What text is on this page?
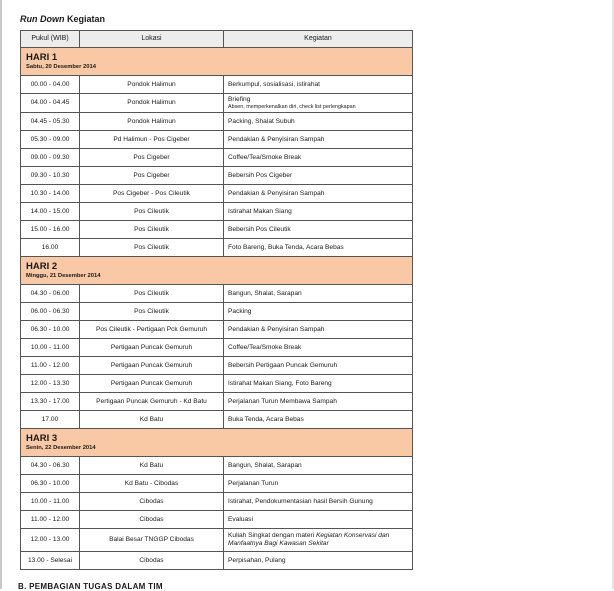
Run Down Kegiatan
Pukul (WIB)	Lokasi	Kegiatan

HARI 1
Sabtu, 20 Desember 2014		

00.00 - 04.00	Pondok Halimun	Berkumpul, sosialisasi, istirahat
04.00 - 04.45	Pondok Halimun	Briefing
Absen, memperkenalkan diri, check list perlengkapan

04.45 - 05.30	Pondok Halimun	Packing, Shalat Subuh
05.30 - 09.00	Pd Halimun - Pos Cigeber	Pendakian & Penyisiran Sampah
09.00 - 09.30	Pos Cigeber	Coffee/Tea/Smoke Break
09.30 - 10.30	Pos Cigeber	Bebersih Pos Cigeber
10.30 - 14.00	Pos Cigeber - Pos Cileutik	Pendakian & Penyisiran Sampah
14.00 - 15.00	Pos Cileutik	Istirahat Makan Siang
15.00 - 16.00	Pos Cileutik	Bebersih Pos Cileutik
16.00	Pos Cileutik	Foto Bareng, Buka Tenda, Acara Bebas

HARI 2
Minggu, 21 Desember 2014		

04.30 - 06.00	Pos Cileutik	Bangun, Shalat, Sarapan
06.00 - 06.30	Pos Cileutik	Packing
06.30 - 10.00	Pos Cileutik - Pertigaan Pck Gemuruh	Pendakian & Penyisiran Sampah
10.00 - 11.00	Pertigaan Puncak Gemuruh	Coffee/Tea/Smoke Break
11.00 - 12.00	Pertigaan Puncak Gemuruh	Bebersih Pertigaan Puncak Gemuruh
12.00 - 13.30	Pertigaan Puncak Gemuruh	Istirahat Makan Siang, Foto Bareng
13.30 - 17.00	Pertigaan Puncak Gemuruh - Kd Batu	Perjalanan Turun Membawa Sampah
17.00	Kd Batu	Buka Tenda, Acara Bebas

HARI 3
Senin, 22 Desember 2014		

04.30 - 06.30	Kd Batu	Bangun, Shalat, Sarapan
06.30 - 10.00	Kd Batu - Cibodas	Perjalanan Turun
10.00 - 11.00	Cibodas	Istirahat, Pendokumentasian hasil Bersih Gunung
11.00 - 12.00	Cibodas	Evaluasi
12.00 - 13.00	Balai Besar TNGGP Cibodas	Kuliah Singkat dengan materi Kegiatan Konservasi dan Manfaatnya Bagi Kawasan Sekitar
13.00 - Selesai	Cibodas	Perpisahan, Pulang
B. PEMBAGIAN TUGAS DALAM TIM
